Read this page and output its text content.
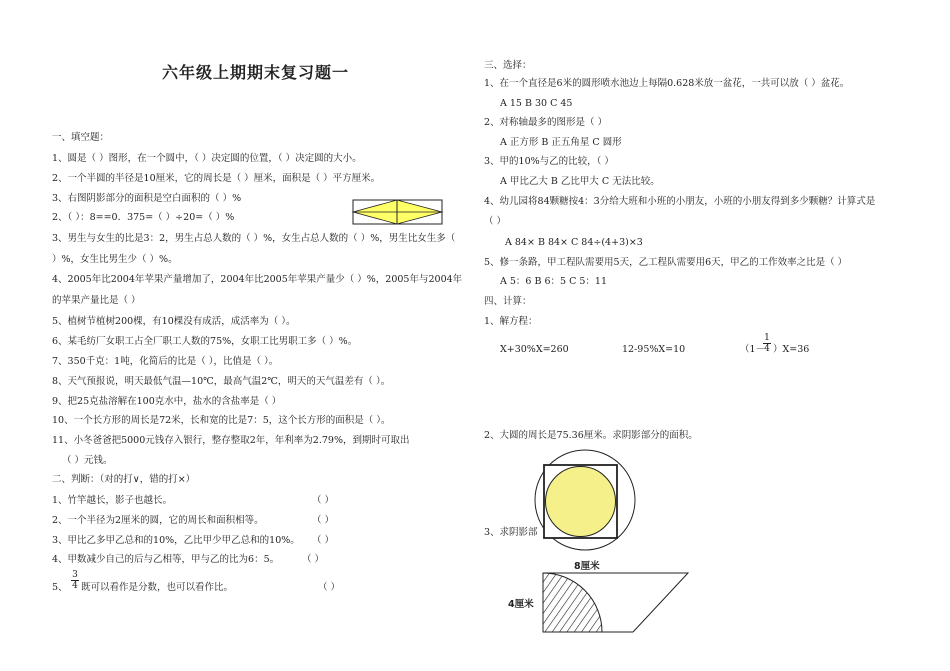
六年级上期期末复习题一
一、填空题：
1、圆是（ ）图形，在一个圆中，（ ）决定圆的位置，（ ）决定圆的大小。
2、一个半圆的半径是10厘米，它的周长是（ ）厘米，面积是（ ）平方厘米。
3、右图阴影部分的面积是空白面积的（ ）%
2、（ ）：8==0．375=（ ）÷20=（ ）%
3、男生与女生的比是3：2，男生占总人数的（ ）%，女生占总人数的（ ）%，男生比女生多（
）%，女生比男生少（ ）%。
4、2005年比2004年苹果产量增加了，2004年比2005年苹果产量少（ ）%，2005年与2004年
的苹果产量比是（ ）
5、植树节植树200棵，有10棵没有成活，成活率为（ ）。
6、某毛纺厂女职工占全厂职工人数的75%，女职工比男职工多（ ）%。
7、350千克：1吨，化简后的比是（ ），比值是（ ）。
8、天气预报说，明天最低气温—10℃，最高气温2℃，明天的天气温差有（ ）。
9、把25克盐溶解在100克水中，盐水的含盐率是（ ）
10、一个长方形的周长是72米，长和宽的比是7：5，这个长方形的面积是（ ）。
11、小冬爸爸把5000元钱存入银行，整存整取2年，年利率为2.79%，到期时可取出
（ ）元钱。
二、判断：（对的打∨，错的打×）
1、竹竿越长，影子也越长。	（ ）
2、一个半径为2厘米的圆，它的周长和面积相等。	（ ）
3、甲比乙多甲乙总和的10%，乙比甲少甲乙总和的10%。 （ ）
4、甲数减少自己的后与乙相等，甲与乙的比为6：5。 （ ）
5、
3
4 既可以看作是分数，也可以看作比。	（ ）
三、选择：
1、在一个直径是6米的圆形喷水池边上每隔0.628米放一盆花，一共可以放（ ）盆花。
A 15 B 30 C 45
2、对称轴最多的图形是（ ）
A 正方形 B 正五角星 C 圆形
3、甲的10%与乙的比较，（ ）
A 甲比乙大 B 乙比甲大 C 无法比较。
4、幼儿园将84颗糖按4：3分给大班和小班的小朋友，小班的小朋友得到多少颗糖？计算式是
（ ）
A 84× B 84× C 84÷(4+3)×3
5、修一条路，甲工程队需要用5天，乙工程队需要用6天，甲乙的工作效率之比是（ ）
A 5：6 B 6：5 C 5：11
四、计算：
1、解方程：
X+30%X=260	12-95%X=10	（1－
1
4 ）X=36
2、大圆的周长是75.36厘米。求阴影部分的面积。
3、求阴影部
8厘米
4厘米
